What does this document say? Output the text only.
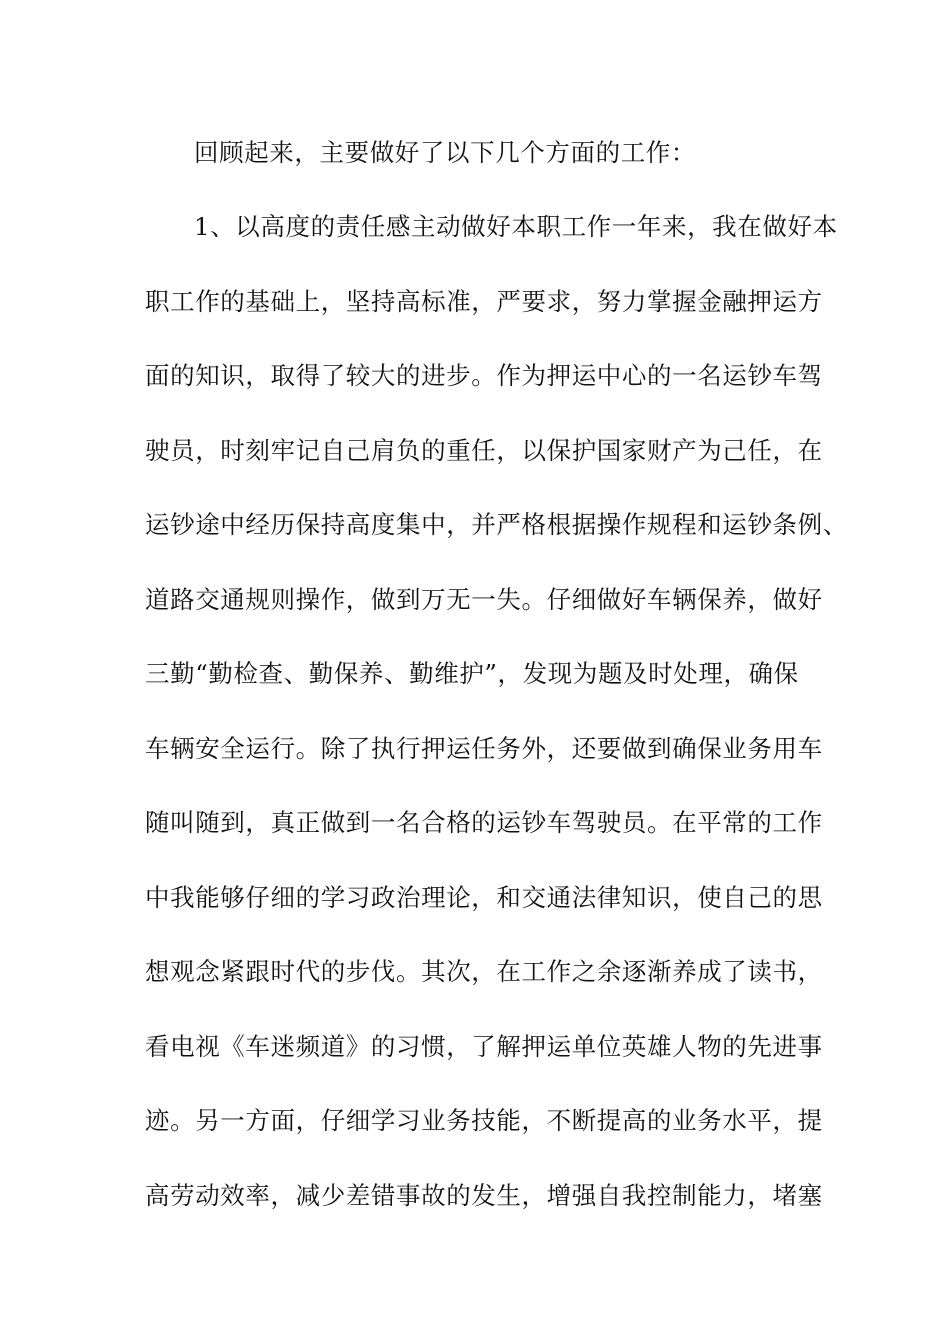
回顾起来，主要做好了以下几个方面的工作：
1、以高度的责任感主动做好本职工作一年来，我在做好本
职工作的基础上，坚持高标准，严要求，努力掌握金融押运方
面的知识，取得了较大的进步。作为押运中心的一名运钞车驾
驶员，时刻牢记自己肩负的重任，以保护国家财产为己任，在
运钞途中经历保持高度集中，并严格根据操作规程和运钞条例、
道路交通规则操作，做到万无一失。仔细做好车辆保养，做好
三勤“勤检查、勤保养、勤维护”，发现为题及时处理，确保
车辆安全运行。除了执行押运任务外，还要做到确保业务用车
随叫随到，真正做到一名合格的运钞车驾驶员。在平常的工作
中我能够仔细的学习政治理论，和交通法律知识，使自己的思
想观念紧跟时代的步伐。其次，在工作之余逐渐养成了读书，
看电视《车迷频道》的习惯，了解押运单位英雄人物的先进事
迹。另一方面，仔细学习业务技能，不断提高的业务水平，提
高劳动效率，减少差错事故的发生，增强自我控制能力，堵塞
